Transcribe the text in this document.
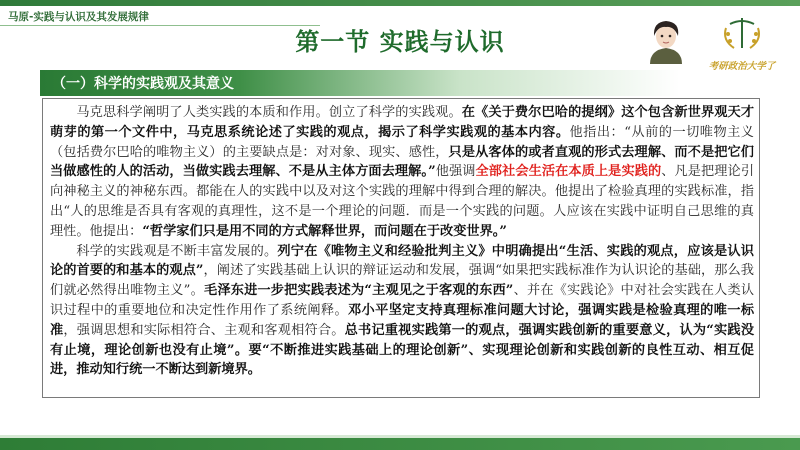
马原-实践与认识及其发展规律
第一节 实践与认识
考研政治大学了
（一）科学的实践观及其意义

马克思科学阐明了人类实践的本质和作用。创立了科学的实践观。在《关于费尔巴哈的提纲》这个包含新世界观天才萌芽的第一个文件中，马克思系统论述了实践的观点，揭示了科学实践观的基本内容。他指出：“从前的一切唯物主义（包括费尔巴哈的唯物主义）的主要缺点是：对对象、现实、感性，只是从客体的或者直观的形式去理解、而不是把它们当做感性的人的活动，当做实践去理解、不是从主体方面去理解。”他强调全部社会生活在本质上是实践的、凡是把理论引向神秘主义的神秘东西。都能在人的实践中以及对这个实践的理解中得到合理的解决。他提出了检验真理的实践标准，指出“人的思维是否具有客观的真理性，这不是一个理论的问题．而是一个实践的问题。人应该在实践中证明自己思维的真理性。他提出：“哲学家们只是用不同的方式解释世界，而问题在于改变世界。”

科学的实践观是不断丰富发展的。列宁在《唯物主义和经验批判主义》中明确提出“生活、实践的观点，应该是认识论的首要的和基本的观点”，阐述了实践基础上认识的辩证运动和发展，强调“如果把实践标准作为认识论的基础，那么我们就必然得出唯物主义”。毛泽东进一步把实践表述为“主观见之于客观的东西”、并在《实践论》中对社会实践在人类认识过程中的重要地位和决定性作用作了系统阐释。邓小平坚定支持真理标准问题大讨论，强调实践是检验真理的唯一标准，强调思想和实际相符合、主观和客观相符合。总书记重视实践第一的观点，强调实践创新的重要意义，认为“实践没有止境，理论创新也没有止境”。要“不断推进实践基础上的理论创新”、实现理论创新和实践创新的良性互动、相互促进，推动知行统一不断达到新境界。
